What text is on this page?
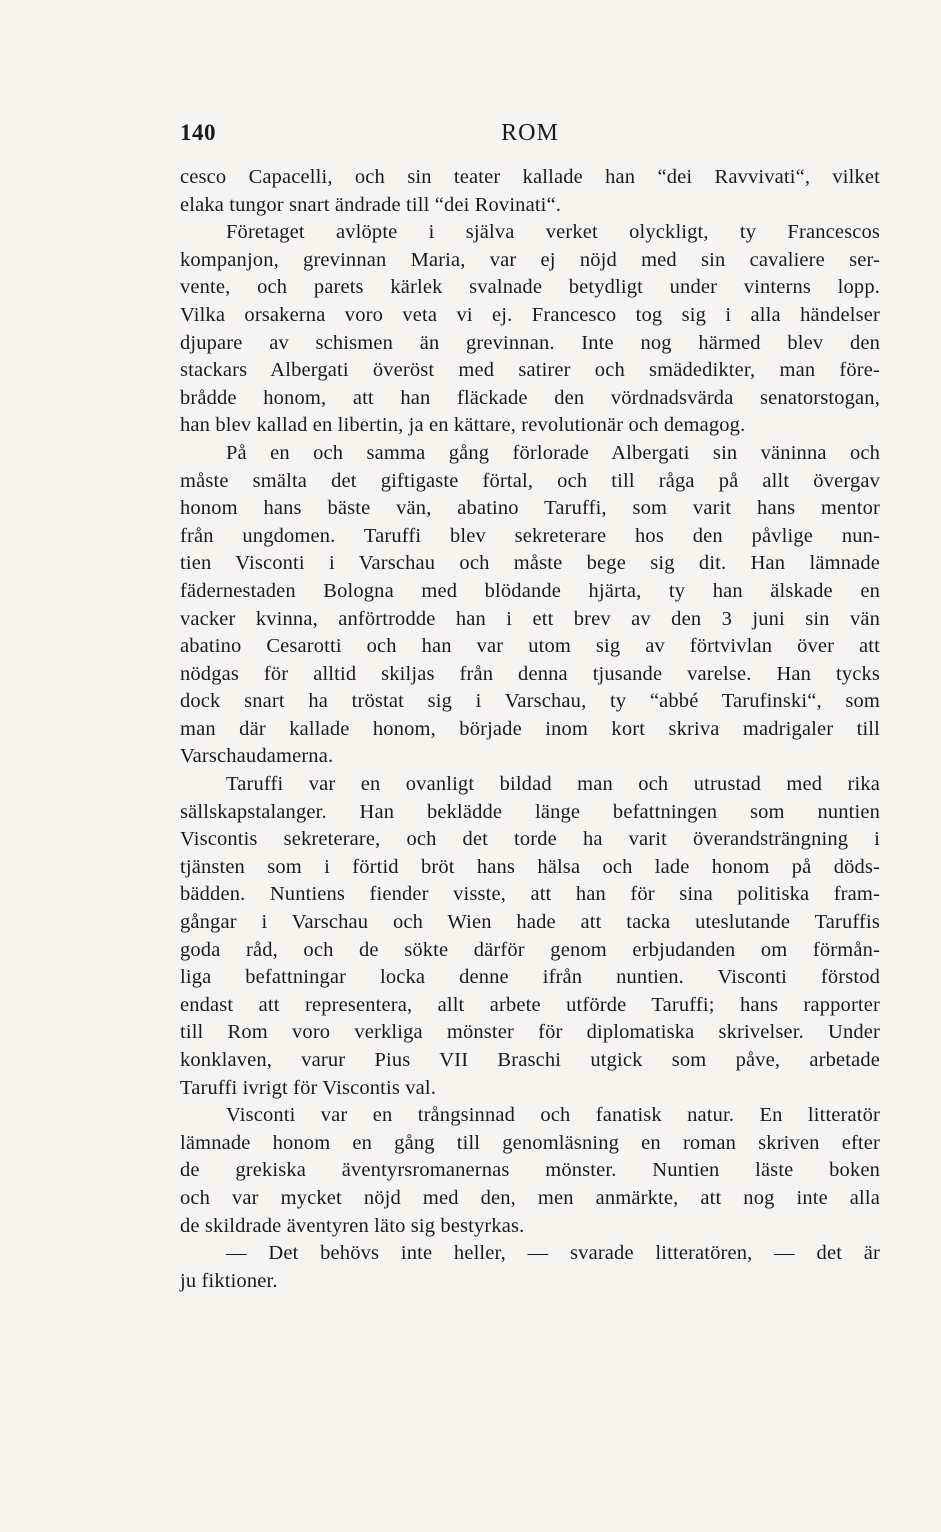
140	ROM
cesco Capacelli, och sin teater kallade han “dei Ravvivati“, vilket
elaka tungor snart ändrade till “dei Rovinati“.
Företaget avlöpte i själva verket olyckligt, ty Francescos
kompanjon, grevinnan Maria, var ej nöjd med sin cavaliere ser-
vente, och parets kärlek svalnade betydligt under vinterns lopp.
Vilka orsakerna voro veta vi ej. Francesco tog sig i alla händelser
djupare av schismen än grevinnan. Inte nog härmed blev den
stackars Albergati överöst med satirer och smädedikter, man före-
brådde honom, att han fläckade den vördnadsvärda senatorstogan,
han blev kallad en libertin, ja en kättare, revolutionär och demagog.
På en och samma gång förlorade Albergati sin väninna och
måste smälta det giftigaste förtal, och till råga på allt övergav
honom hans bäste vän, abatino Taruffi, som varit hans mentor
från ungdomen. Taruffi blev sekreterare hos den påvlige nun-
tien Visconti i Varschau och måste bege sig dit. Han lämnade
fädernestaden Bologna med blödande hjärta, ty han älskade en
vacker kvinna, anförtrodde han i ett brev av den 3 juni sin vän
abatino Cesarotti och han var utom sig av förtvivlan över att
nödgas för alltid skiljas från denna tjusande varelse. Han tycks
dock snart ha tröstat sig i Varschau, ty “abbé Tarufinski“, som
man där kallade honom, började inom kort skriva madrigaler till
Varschaudamerna.
Taruffi var en ovanligt bildad man och utrustad med rika
sällskapstalanger. Han beklädde länge befattningen som nuntien
Viscontis sekreterare, och det torde ha varit överandsträngning i
tjänsten som i förtid bröt hans hälsa och lade honom på döds-
bädden. Nuntiens fiender visste, att han för sina politiska fram-
gångar i Varschau och Wien hade att tacka uteslutande Taruffis
goda råd, och de sökte därför genom erbjudanden om förmån-
liga befattningar locka denne ifrån nuntien. Visconti förstod
endast att representera, allt arbete utförde Taruffi; hans rapporter
till Rom voro verkliga mönster för diplomatiska skrivelser. Under
konklaven, varur Pius VII Braschi utgick som påve, arbetade
Taruffi ivrigt för Viscontis val.
Visconti var en trångsinnad och fanatisk natur. En litteratör
lämnade honom en gång till genomläsning en roman skriven efter
de grekiska äventyrsromanernas mönster. Nuntien läste boken
och var mycket nöjd med den, men anmärkte, att nog inte alla
de skildrade äventyren läto sig bestyrkas.
— Det behövs inte heller, — svarade litteratören, — det är
ju fiktioner.
